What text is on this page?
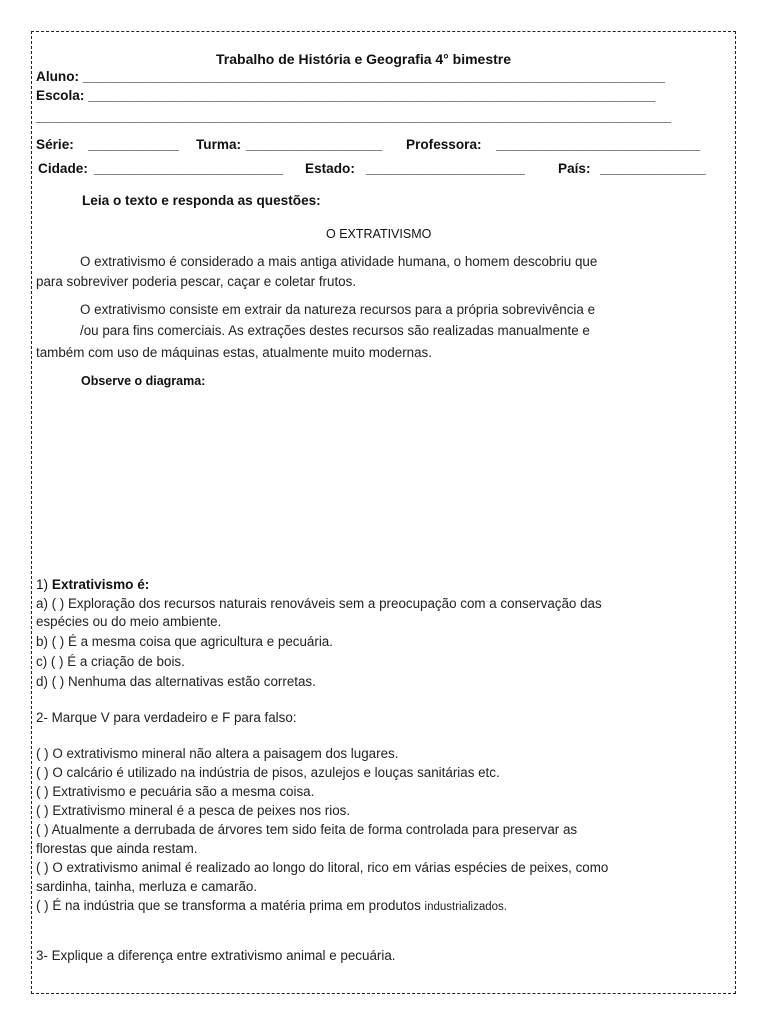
Trabalho de História e Geografia 4° bimestre
Aluno: _____________________________________________________________________________
Escola: ___________________________________________________________________________
____________________________________________________________________________________
Série: ____________ Turma: __________________ Professora: ___________________________
Cidade: _________________________ Estado: _____________________ País: ______________
Leia o texto e responda as questões:
O EXTRATIVISMO
O extrativismo é considerado a mais antiga atividade humana, o homem descobriu que
para sobreviver poderia pescar, caçar e coletar frutos.
O extrativismo consiste em extrair da natureza recursos para a própria sobrevivência e
/ou para fins comerciais. As extrações destes recursos são realizadas manualmente e
também com uso de máquinas estas, atualmente muito modernas.
Observe o diagrama:
1) Extrativismo é:
a) ( ) Exploração dos recursos naturais renováveis sem a preocupação com a conservação das
espécies ou do meio ambiente.
b) ( ) É a mesma coisa que agricultura e pecuária.
c) ( ) É a criação de bois.
d) ( ) Nenhuma das alternativas estão corretas.
2- Marque V para verdadeiro e F para falso:
( ) O extrativismo mineral não altera a paisagem dos lugares.
( ) O calcário é utilizado na indústria de pisos, azulejos e louças sanitárias etc.
( ) Extrativismo e pecuária são a mesma coisa.
( ) Extrativismo mineral é a pesca de peixes nos rios.
( ) Atualmente a derrubada de árvores tem sido feita de forma controlada para preservar as
florestas que ainda restam.
( ) O extrativismo animal é realizado ao longo do litoral, rico em várias espécies de peixes, como
sardinha, tainha, merluza e camarão.
( ) É na indústria que se transforma a matéria prima em produtos industrializados.
3- Explique a diferença entre extrativismo animal e pecuária.
